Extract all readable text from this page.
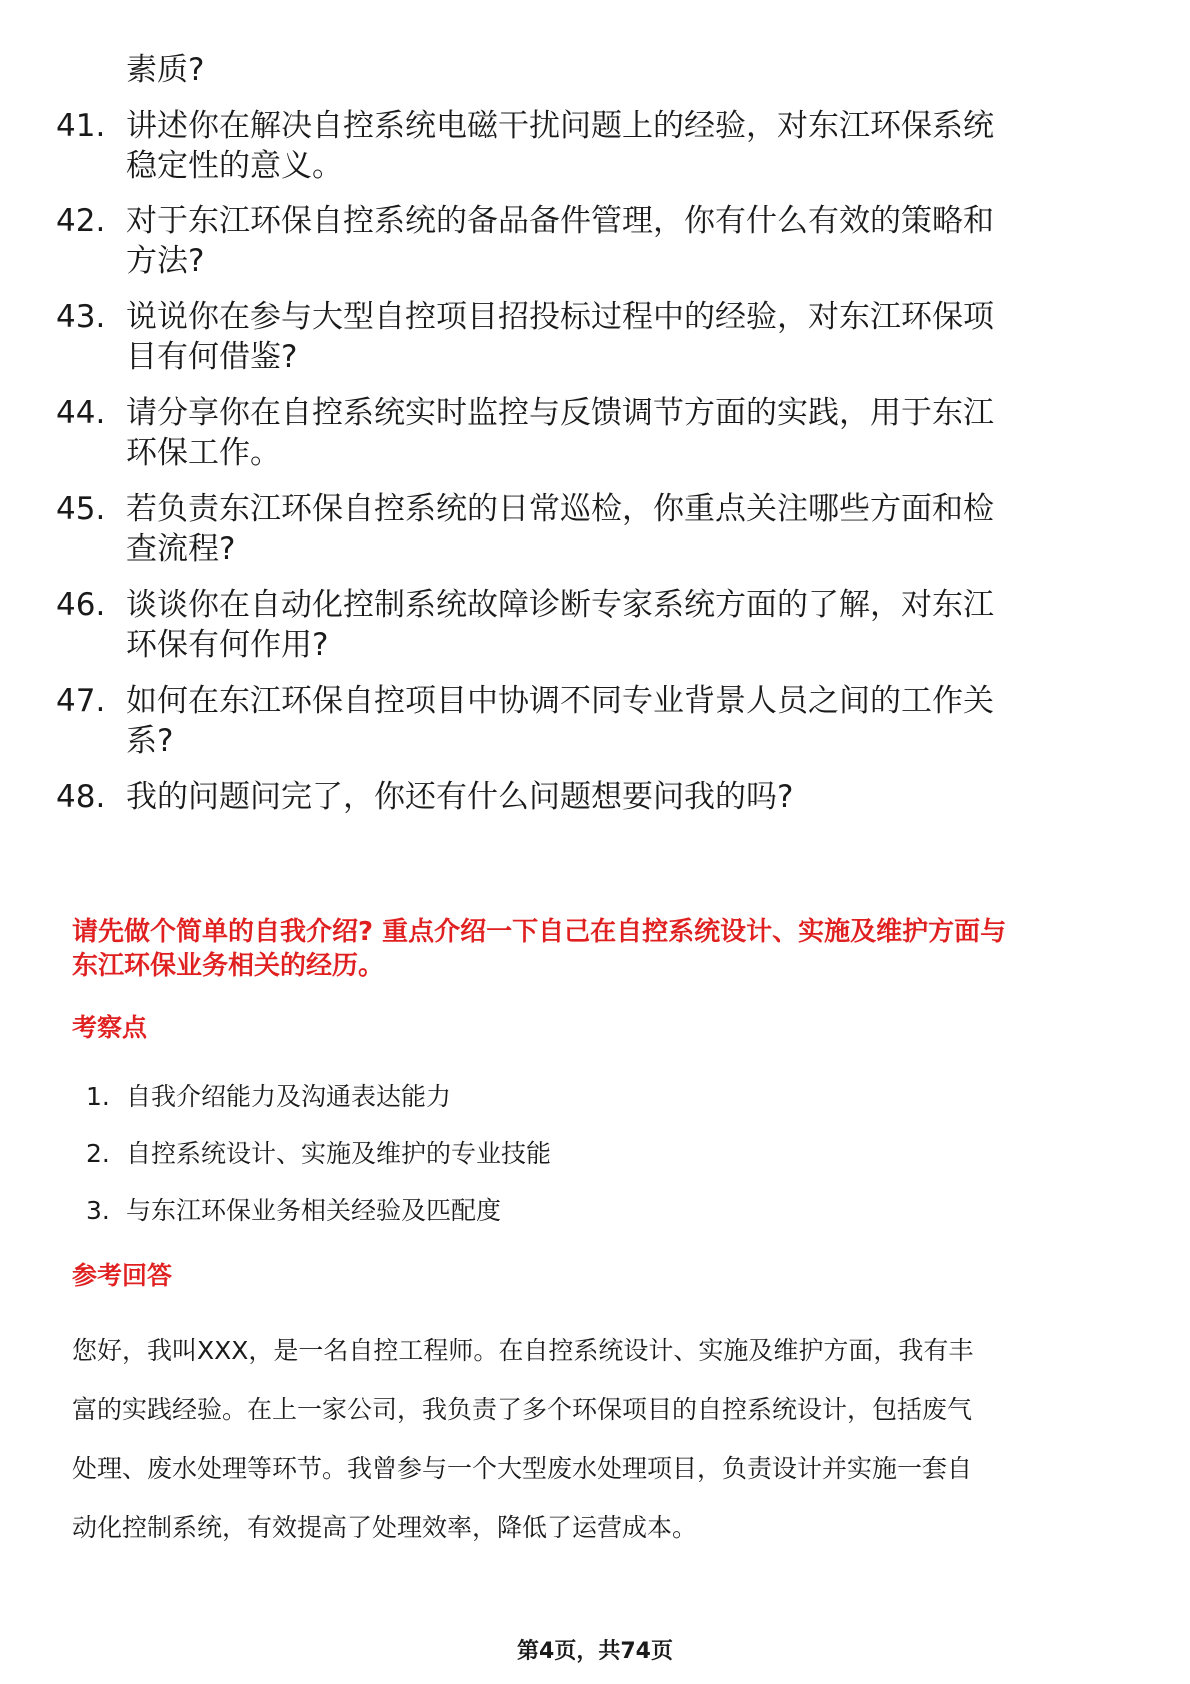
素质?
41. 讲述你在解决自控系统电磁干扰问题上的经验，对东江环保系统
稳定性的意义。
42. 对于东江环保自控系统的备品备件管理，你有什么有效的策略和
方法?
43. 说说你在参与大型自控项目招投标过程中的经验，对东江环保项
目有何借鉴?
44. 请分享你在自控系统实时监控与反馈调节方面的实践，用于东江
环保工作。
45. 若负责东江环保自控系统的日常巡检，你重点关注哪些方面和检
查流程?
46. 谈谈你在自动化控制系统故障诊断专家系统方面的了解，对东江
环保有何作用?
47. 如何在东江环保自控项目中协调不同专业背景人员之间的工作关
系?
48. 我的问题问完了，你还有什么问题想要问我的吗?
请先做个简单的自我介绍? 重点介绍一下自己在自控系统设计、实施及维护方面与
东江环保业务相关的经历。
考察点
1. 自我介绍能力及沟通表达能力
2. 自控系统设计、实施及维护的专业技能
3. 与东江环保业务相关经验及匹配度
参考回答
您好，我叫XXX，是一名自控工程师。在自控系统设计、实施及维护方面，我有丰
富的实践经验。在上一家公司，我负责了多个环保项目的自控系统设计，包括废气
处理、废水处理等环节。我曾参与一个大型废水处理项目，负责设计并实施一套自
动化控制系统，有效提高了处理效率，降低了运营成本。
第4页，共74页
